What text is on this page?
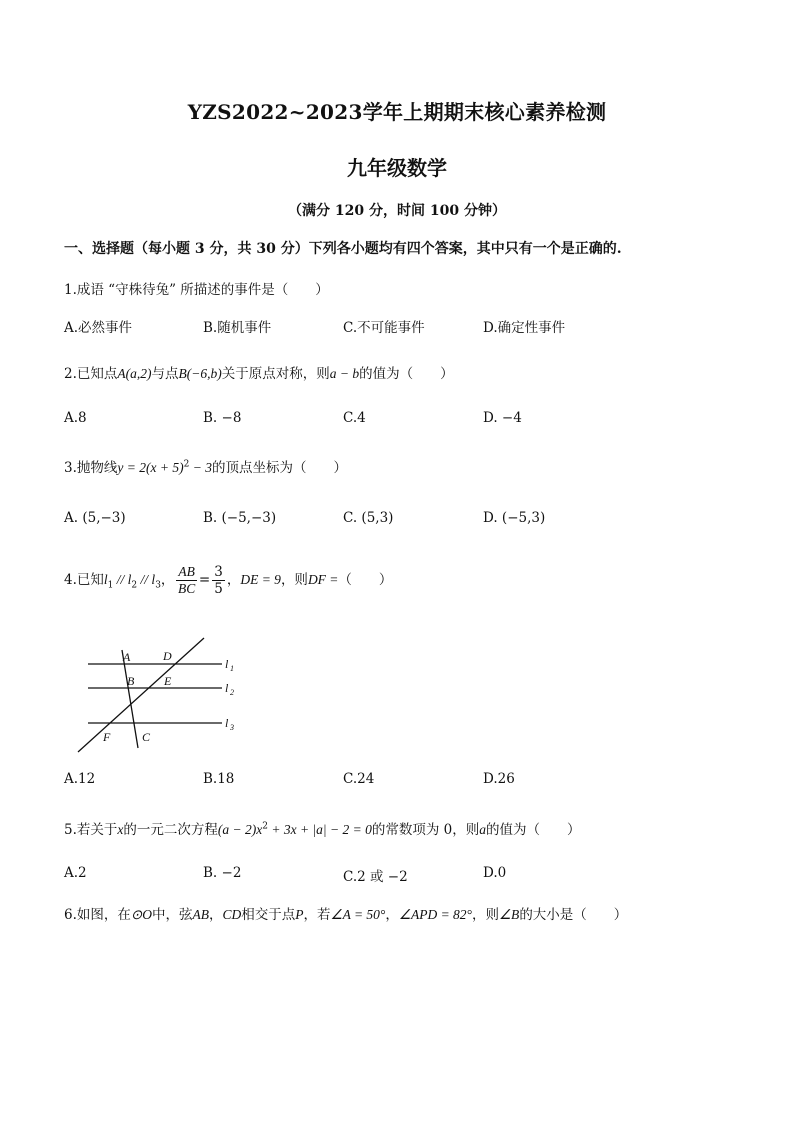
YZS2022~2023学年上期期末核心素养检测
九年级数学
（满分 120 分，时间 100 分钟）
一、选择题（每小题 3 分，共 30 分）下列各小题均有四个答案，其中只有一个是正确的.
1.成语 “守株待兔” 所描述的事件是（　　）
A.必然事件	B.随机事件	C.不可能事件	D.确定性事件
2.已知点A(a,2)与点B(−6,b)关于原点对称，则a − b的值为（　　）
A.8	B. −8	C.4	D. −4
3.抛物线$y = 2(x + 5)^2 - 3$的顶点坐标为（　　）
A. (5,−3)	B. (−5,−3)	C. (5,3)	D. (−5,3)
4.已知$l_1 // l_2 // l_3$， $\frac{AB}{BC} = \frac{3}{5}$ ，DE = 9，则DF =（　　）
A	D
B E
F	C
l 1
l 2
l 3
A.12	B.18	C.24	D.26
5.若关于x的一元二次方程$(a - 2)x^2 + 3x + |a| - 2 = 0$的常数项为 0，则a的值为（　　）
A.2	B. −2	C.2 或 −2	D.0
6.如图，在⊙O中，弦AB，CD相交于点P，若∠A = 50°，∠APD = 82°，则∠B的大小是（　　）
